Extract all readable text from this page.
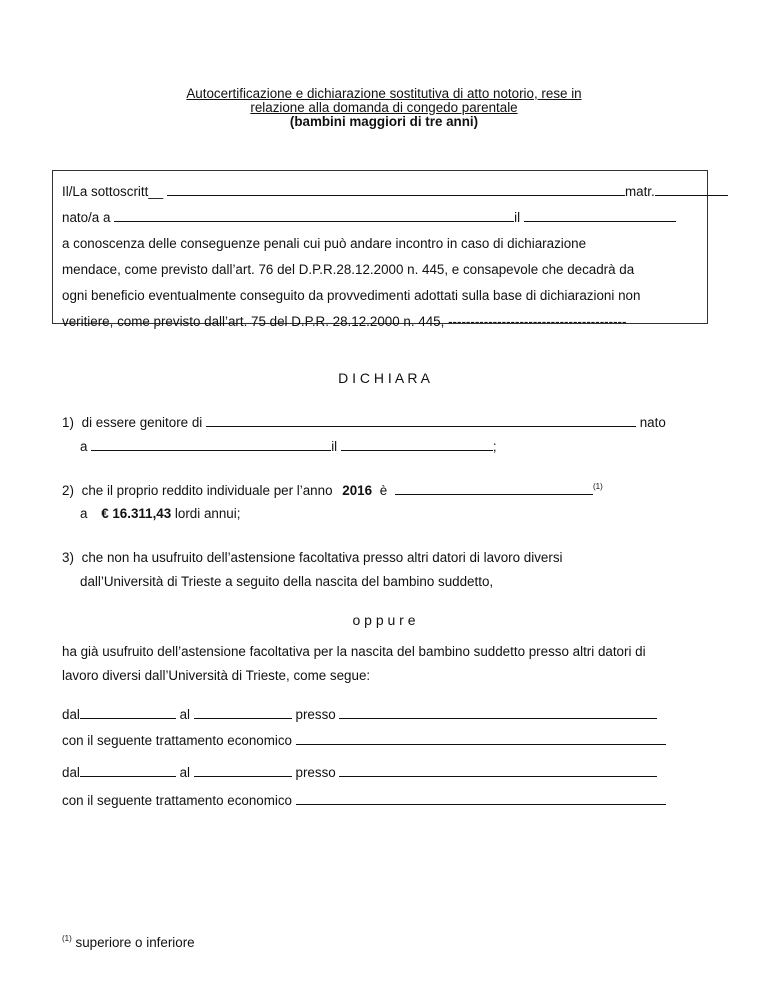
Autocertificazione e dichiarazione sostitutiva di atto notorio, rese in
relazione alla domanda di congedo parentale
(bambini maggiori di tre anni)
Il/La sottoscritt__	matr.
nato/a a	il
a conoscenza delle conseguenze penali cui può andare incontro in caso di dichiarazione
mendace, come previsto dall’art. 76 del D.P.R.28.12.2000 n. 445, e consapevole che decadrà da
ogni beneficio eventualmente conseguito da provvedimenti adottati sulla base di dichiarazioni non
veritiere, come previsto dall’art. 75 del D.P.R. 28.12.2000 n. 445, ----------------------------------------
D I C H I A R A
1) di essere genitore di	nato
a	il	;
2) che il proprio reddito individuale per l’anno 2016 è	$^{(1)}$
a € 16.311,43 lordi annui;
3) che non ha usufruito dell’astensione facoltativa presso altri datori di lavoro diversi
dall’Università di Trieste a seguito della nascita del bambino suddetto,
o p p u r e
ha già usufruito dell’astensione facoltativa per la nascita del bambino suddetto presso altri datori di
lavoro diversi dall’Università di Trieste, come segue:
dal	al	presso
con il seguente trattamento economico
dal	al	presso
con il seguente trattamento economico
$^{(1)}$ superiore o inferiore
